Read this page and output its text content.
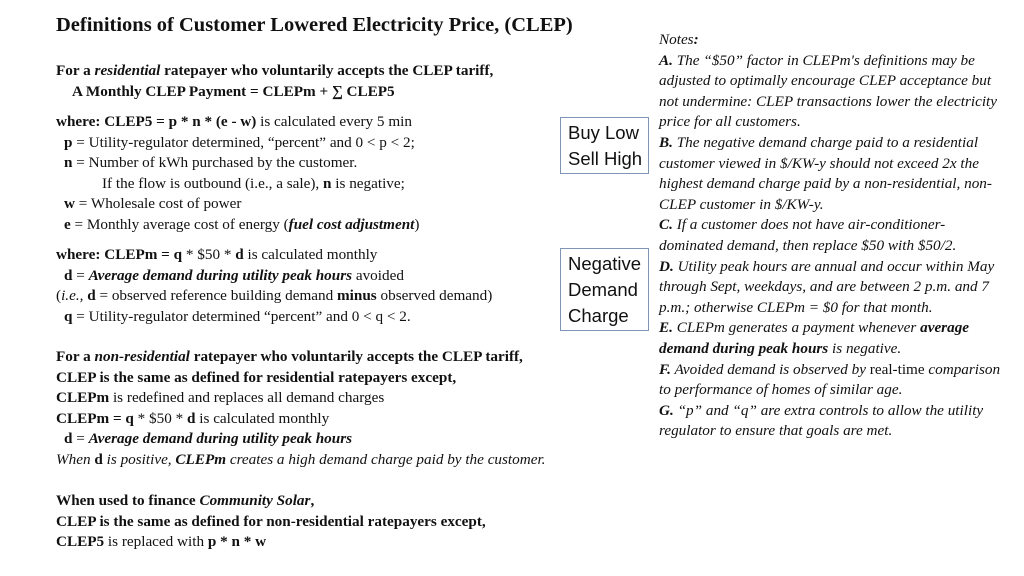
Definitions of Customer Lowered Electricity Price, (CLEP)
For a residential ratepayer who voluntarily accepts the CLEP tariff,
A Monthly CLEP Payment = CLEPm + ∑ CLEP5
where: CLEP5 = p * n * (e - w) is calculated every 5 min
p = Utility-regulator determined, “percent” and 0 < p < 2;
n = Number of kWh purchased by the customer.
If the flow is outbound (i.e., a sale), n is negative;
w = Wholesale cost of power
e = Monthly average cost of energy (fuel cost adjustment)
where: CLEPm = q * $50 * d is calculated monthly
d = Average demand during utility peak hours avoided
(i.e., d = observed reference building demand minus observed demand)
q = Utility-regulator determined “percent” and 0 < q < 2.
For a non-residential ratepayer who voluntarily accepts the CLEP tariff,
CLEP is the same as defined for residential ratepayers except,
CLEPm is redefined and replaces all demand charges
CLEPm = q * $50 * d is calculated monthly
d = Average demand during utility peak hours
When d is positive, CLEPm creates a high demand charge paid by the customer.
When used to finance Community Solar,
CLEP is the same as defined for non-residential ratepayers except,
CLEP5 is replaced with p * n * w
Buy Low
Sell High
Negative
Demand
Charge
Notes:
A. The “$50” factor in CLEPm's definitions may be adjusted to optimally encourage CLEP acceptance but not undermine: CLEP transactions lower the electricity price for all customers.
B. The negative demand charge paid to a residential customer viewed in $/KW-y should not exceed 2x the highest demand charge paid by a non-residential, non-CLEP customer in $/KW-y.
C. If a customer does not have air-conditioner-dominated demand, then replace $50 with $50/2.
D. Utility peak hours are annual and occur within May through Sept, weekdays, and are between 2 p.m. and 7 p.m.; otherwise CLEPm = $0 for that month.
E. CLEPm generates a payment whenever average demand during peak hours is negative.
F. Avoided demand is observed by real-time comparison to performance of homes of similar age.
G. “p” and “q” are extra controls to allow the utility regulator to ensure that goals are met.
